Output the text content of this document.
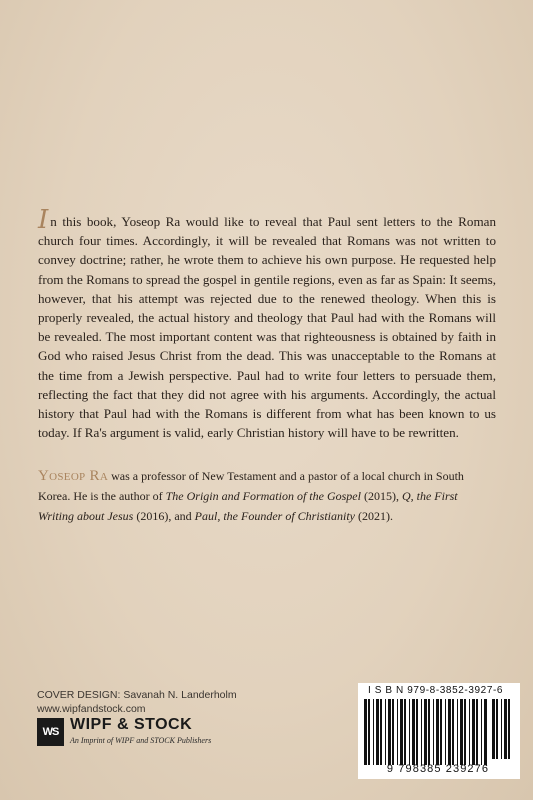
In this book, Yoseop Ra would like to reveal that Paul sent letters to the Roman church four times. Accordingly, it will be revealed that Romans was not written to convey doctrine; rather, he wrote them to achieve his own purpose. He requested help from the Romans to spread the gospel in gentile regions, even as far as Spain: It seems, however, that his attempt was rejected due to the renewed theology. When this is properly revealed, the actual history and theology that Paul had with the Romans will be revealed. The most important content was that righteousness is obtained by faith in God who raised Jesus Christ from the dead. This was unacceptable to the Romans at the time from a Jewish perspective. Paul had to write four letters to persuade them, reflecting the fact that they did not agree with his arguments. Accordingly, the actual history that Paul had with the Romans is different from what has been known to us today. If Ra's argument is valid, early Christian history will have to be rewritten.
Yoseop Ra was a professor of New Testament and a pastor of a local church in South Korea. He is the author of The Origin and Formation of the Gospel (2015), Q, the First Writing about Jesus (2016), and Paul, the Founder of Christianity (2021).
COVER DESIGN: Savanah N. Landerholm
www.wipfandstock.com
WS WIPF & STOCK
An Imprint of WIPF and STOCK Publishers
I S B N 979-8-3852-3927-6
9 798385 239276
